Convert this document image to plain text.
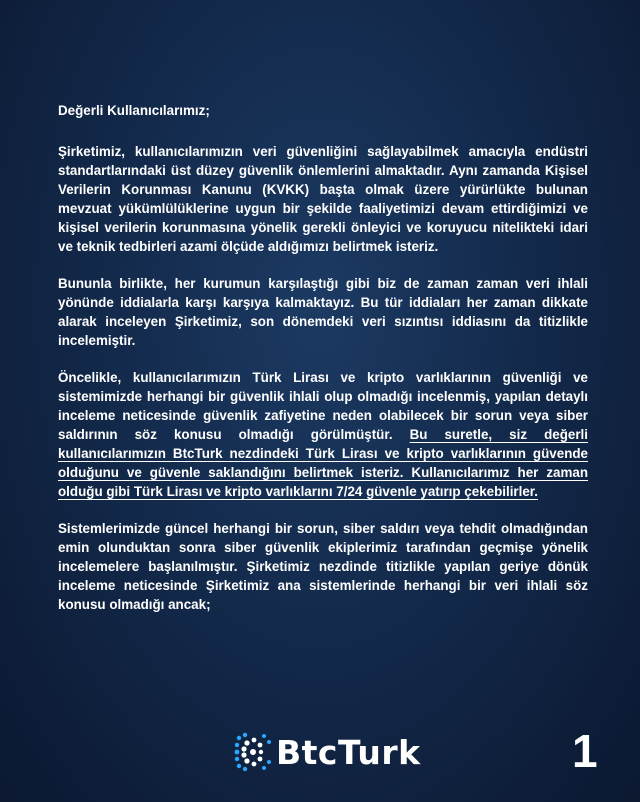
Değerli Kullanıcılarımız;

Şirketimiz, kullanıcılarımızın veri güvenliğini sağlayabilmek amacıyla endüstri standartlarındaki üst düzey güvenlik önlemlerini almaktadır. Aynı zamanda Kişisel Verilerin Korunması Kanunu (KVKK) başta olmak üzere yürürlükte bulunan mevzuat yükümlülüklerine uygun bir şekilde faaliyetimizi devam ettirdiğimizi ve kişisel verilerin korunmasına yönelik gerekli önleyici ve koruyucu nitelikteki idari ve teknik tedbirleri azami ölçüde aldığımızı belirtmek isteriz.

Bununla birlikte, her kurumun karşılaştığı gibi biz de zaman zaman veri ihlali yönünde iddialarla karşı karşıya kalmaktayız. Bu tür iddiaları her zaman dikkate alarak inceleyen Şirketimiz, son dönemdeki veri sızıntısı iddiasını da titizlikle incelemiştir.

Öncelikle, kullanıcılarımızın Türk Lirası ve kripto varlıklarının güvenliği ve sistemimizde herhangi bir güvenlik ihlali olup olmadığı incelenmiş, yapılan detaylı inceleme neticesinde güvenlik zafiyetine neden olabilecek bir sorun veya siber saldırının söz konusu olmadığı görülmüştür. Bu suretle, siz değerli kullanıcılarımızın BtcTurk nezdindeki Türk Lirası ve kripto varlıklarının güvende olduğunu ve güvenle saklandığını belirtmek isteriz. Kullanıcılarımız her zaman olduğu gibi Türk Lirası ve kripto varlıklarını 7/24 güvenle yatırıp çekebilirler.

Sistemlerimizde güncel herhangi bir sorun, siber saldırı veya tehdit olmadığından emin olunduktan sonra siber güvenlik ekiplerimiz tarafından geçmişe yönelik incelemelere başlanılmıştır. Şirketimiz nezdinde titizlikle yapılan geriye dönük inceleme neticesinde Şirketimiz ana sistemlerinde herhangi bir veri ihlali söz konusu olmadığı ancak;

BtcTurk	1
